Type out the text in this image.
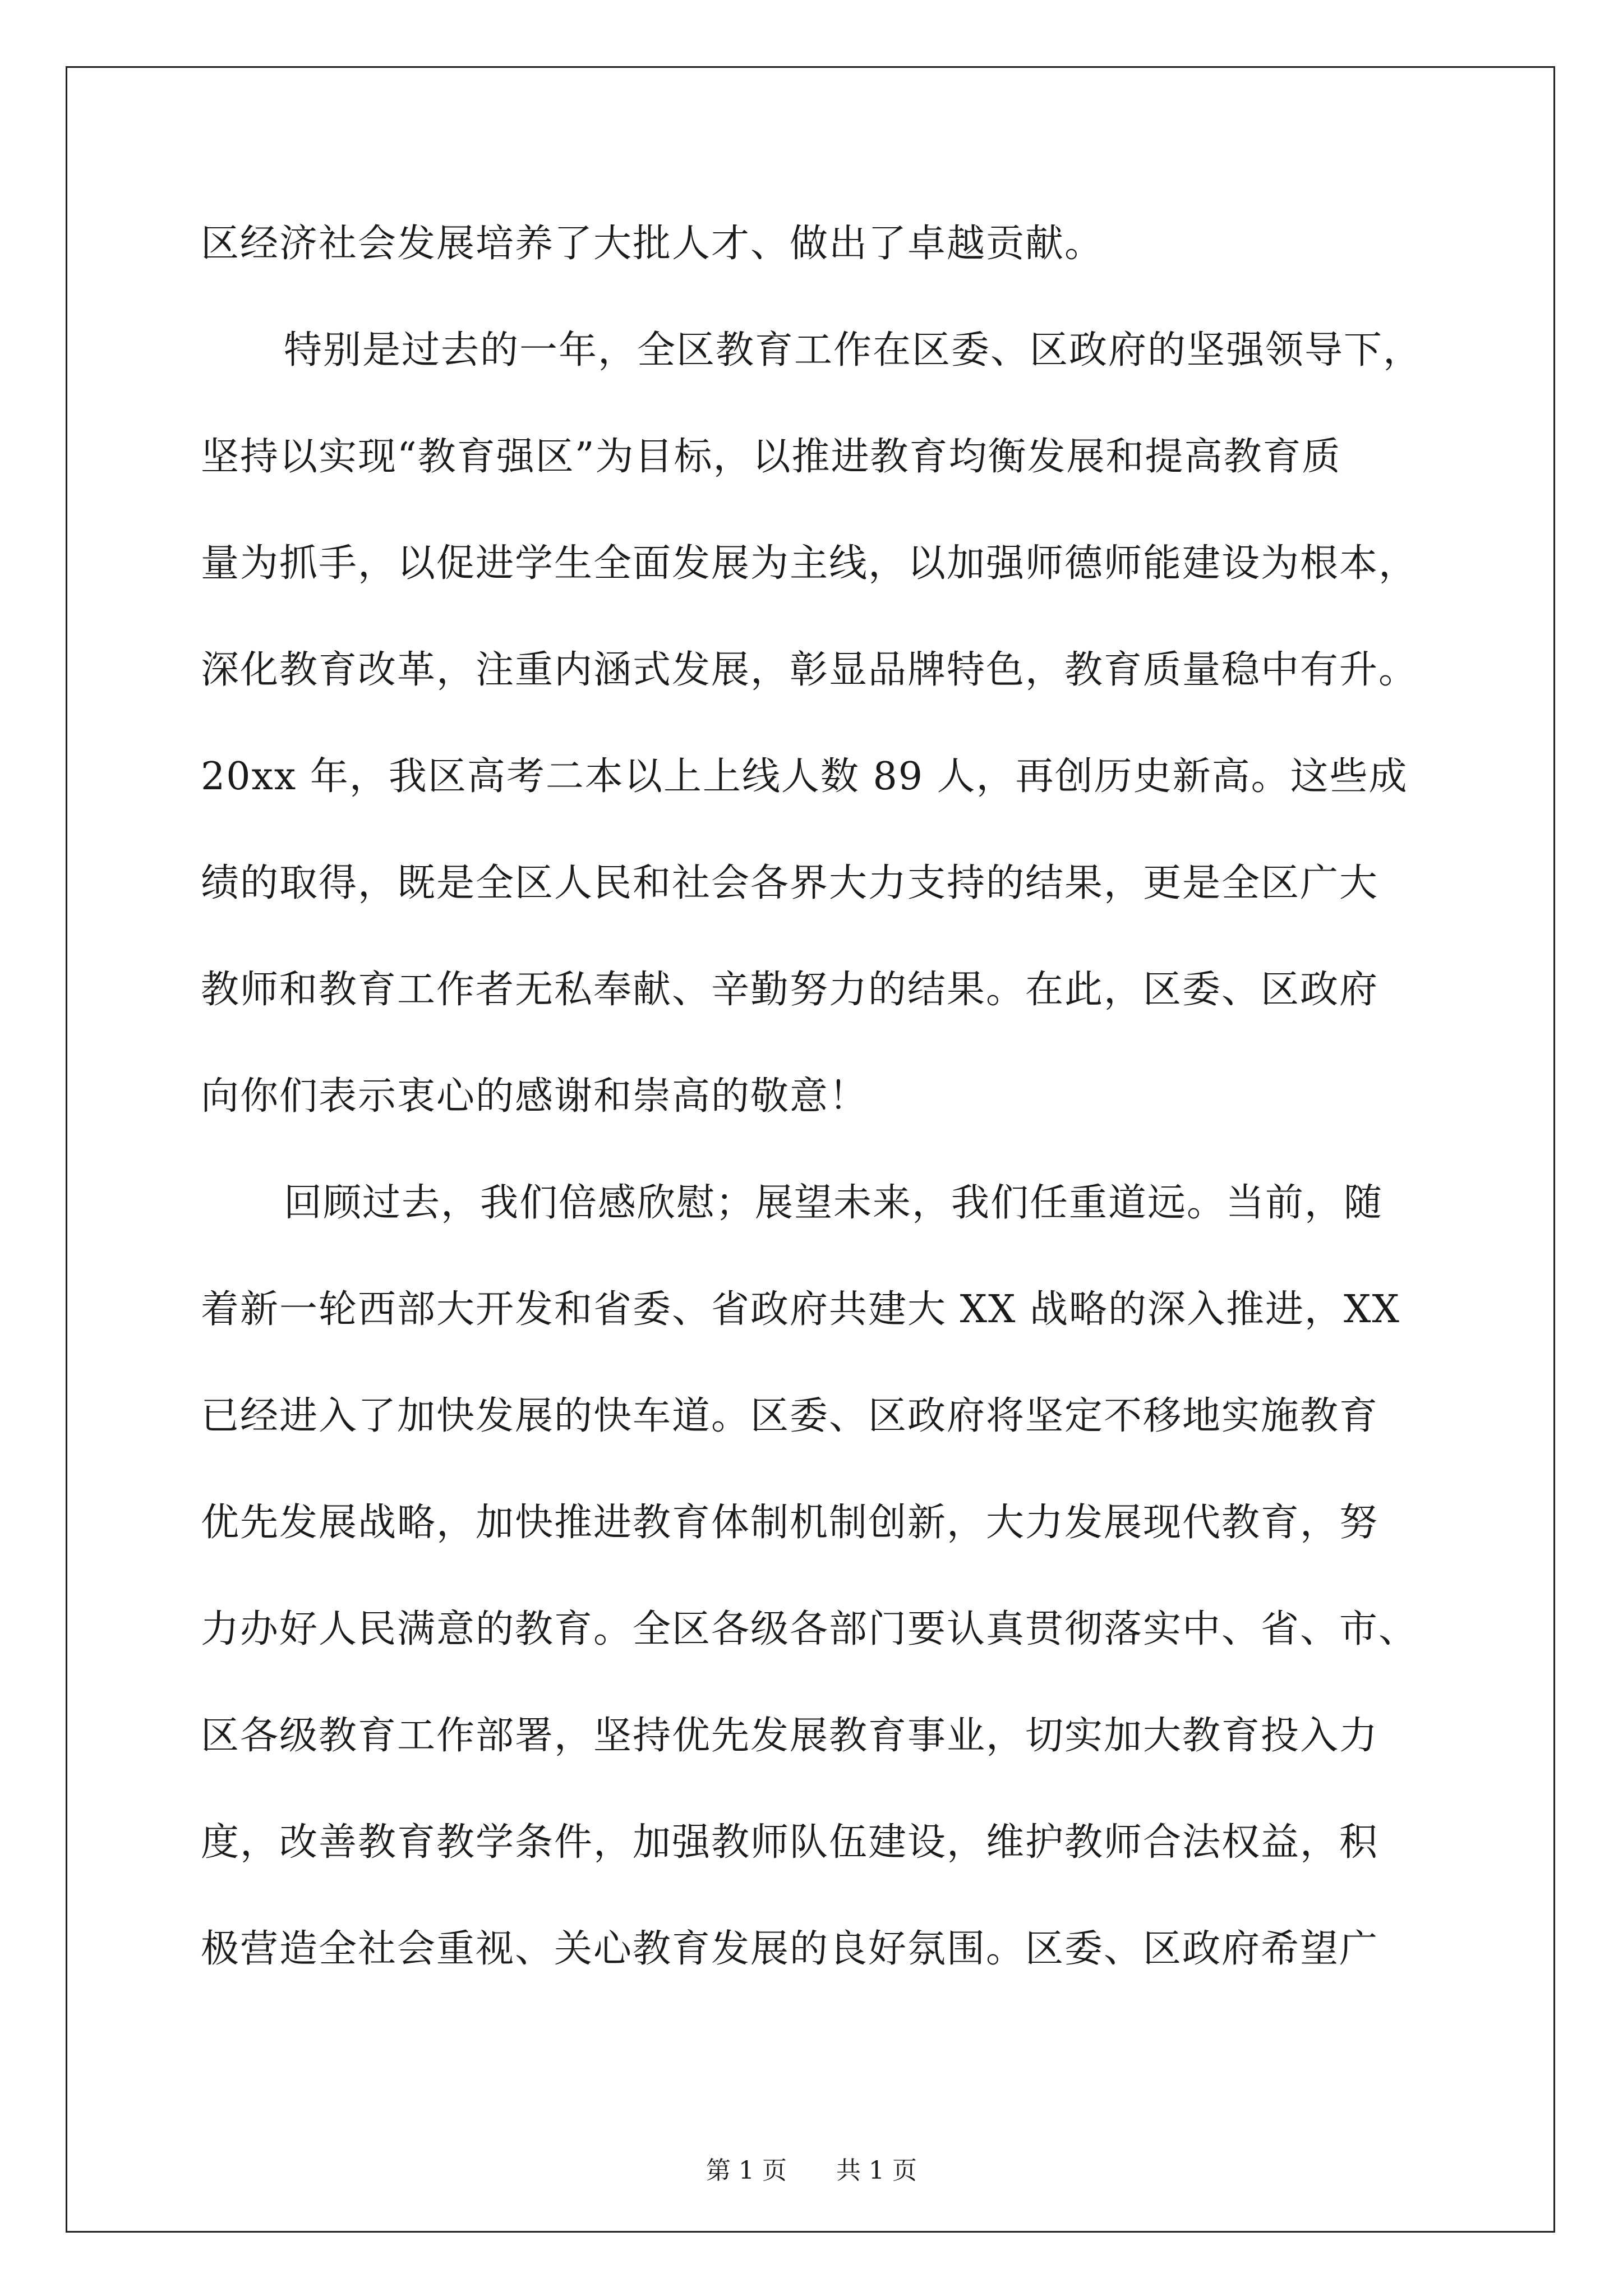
区经济社会发展培养了大批人才、做出了卓越贡献。
特别是过去的一年，全区教育工作在区委、区政府的坚强领导下，
坚持以实现“教育强区”为目标，以推进教育均衡发展和提高教育质
量为抓手，以促进学生全面发展为主线，以加强师德师能建设为根本，
深化教育改革，注重内涵式发展，彰显品牌特色，教育质量稳中有升。
20xx 年，我区高考二本以上上线人数 89 人，再创历史新高。这些成
绩的取得，既是全区人民和社会各界大力支持的结果，更是全区广大
教师和教育工作者无私奉献、辛勤努力的结果。在此，区委、区政府
向你们表示衷心的感谢和崇高的敬意！
回顾过去，我们倍感欣慰；展望未来，我们任重道远。当前，随
着新一轮西部大开发和省委、省政府共建大 XX 战略的深入推进，XX
已经进入了加快发展的快车道。区委、区政府将坚定不移地实施教育
优先发展战略，加快推进教育体制机制创新，大力发展现代教育，努
力办好人民满意的教育。全区各级各部门要认真贯彻落实中、省、市、
区各级教育工作部署，坚持优先发展教育事业，切实加大教育投入力
度，改善教育教学条件，加强教师队伍建设，维护教师合法权益，积
极营造全社会重视、关心教育发展的良好氛围。区委、区政府希望广
第 1 页 共 1 页
